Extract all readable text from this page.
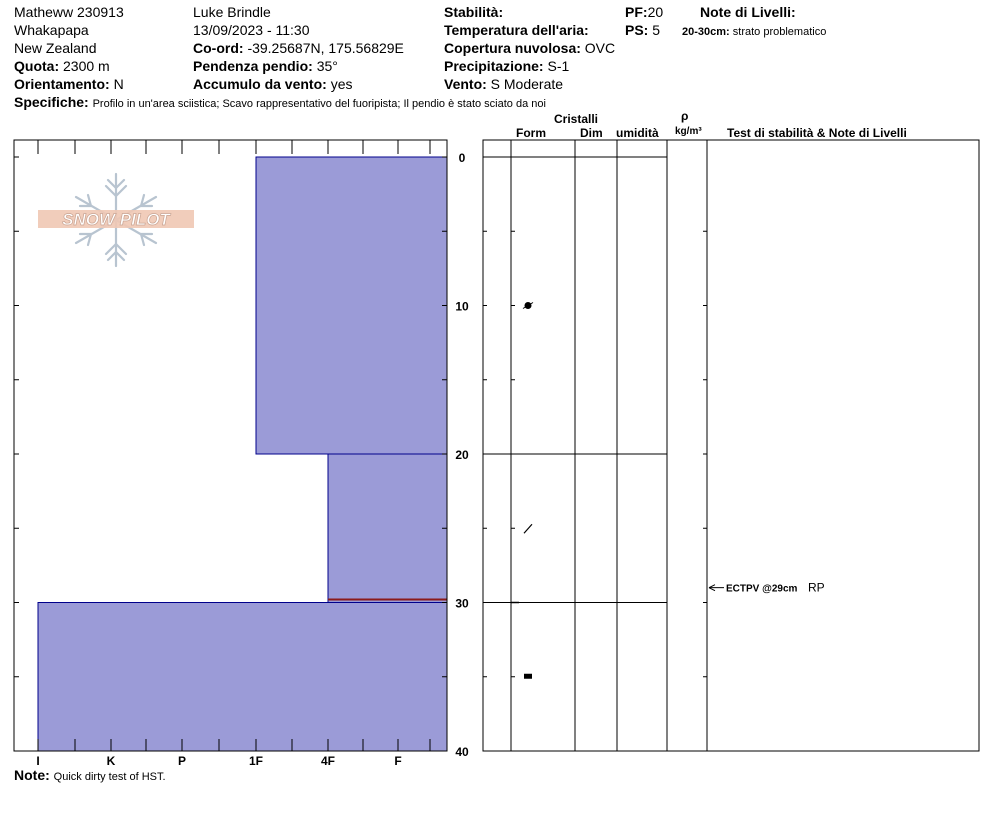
Matheww 230913
Whakapapa
New Zealand
Quota: 2300 m
Orientamento: N
Luke Brindle
13/09/2023 - 11:30
Co-ord: -39.25687N, 175.56829E
Pendenza pendio: 35°
Accumulo da vento: yes
Stabilità:
Temperatura dell'aria:
Copertura nuvolosa: OVC
Precipitazione: S-1
Vento: S Moderate
PF:20
PS: 5
Note di Livelli:
20-30cm: strato problematico
Specifiche: Profilo in un'area sciistica; Scavo rappresentativo del fuoripista; Il pendio è stato sciato da noi
Cristalli
Form	Dim umidità
ρ
kg/m³ Test di stabilità & Note di Livelli
SNOW PILOT
I	K	P	1F	4F	F
0
10
20
30
40
ECTPV @29cm RP
Note: Quick dirty test of HST.
